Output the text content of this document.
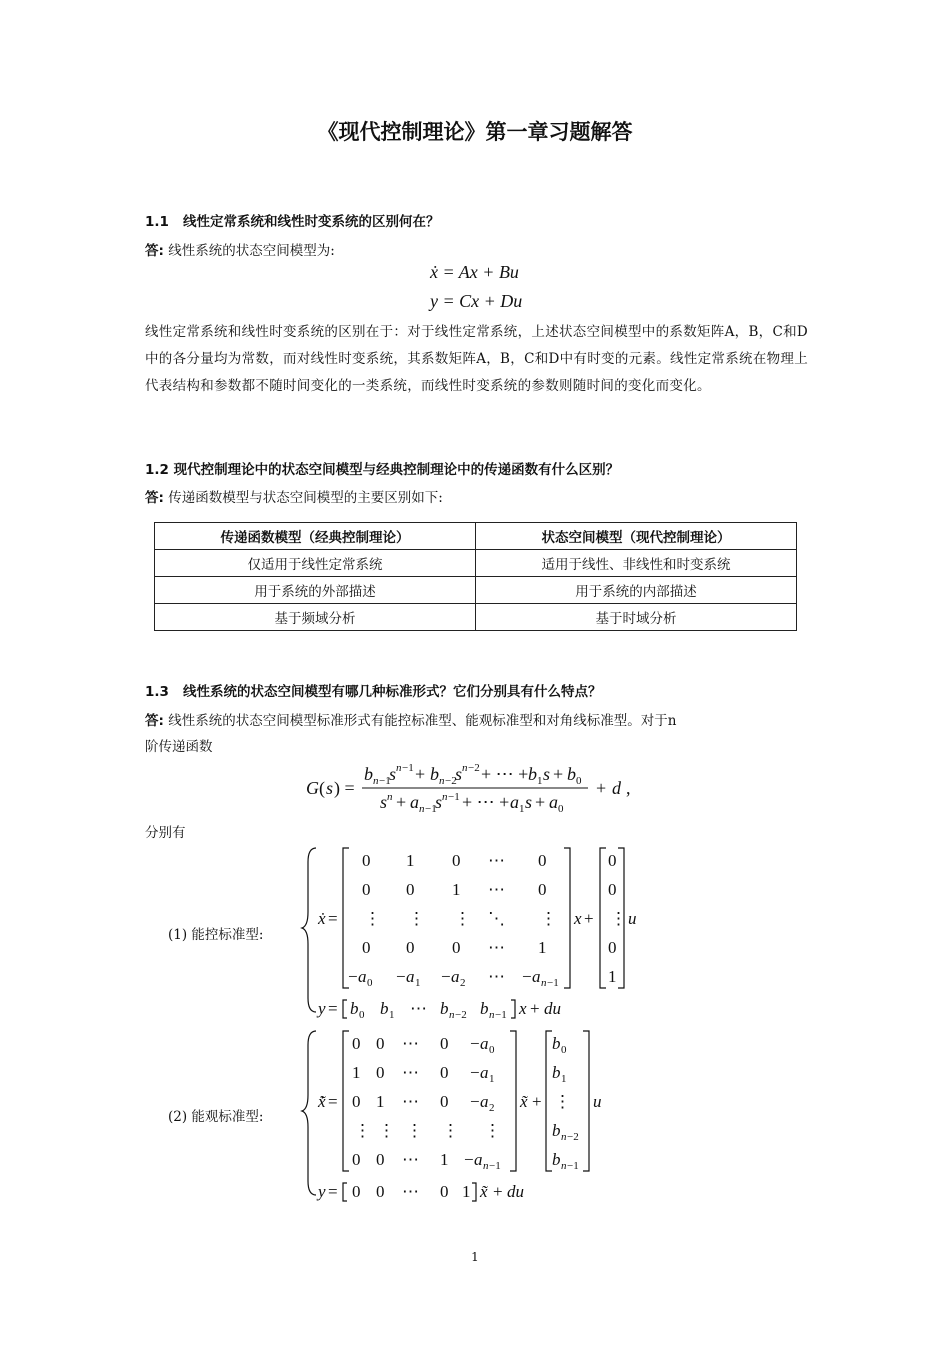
《现代控制理论》第一章习题解答
1.1 线性定常系统和线性时变系统的区别何在？
答: 线性系统的状态空间模型为:
ẋ = Ax + Bu
y = Cx + Du
线性定常系统和线性时变系统的区别在于：对于线性定常系统，上述状态空间模型中的系数矩阵A，B，C和D中的各分量均为常数，而对线性时变系统，其系数矩阵A，B，C和D中有时变的元素。线性定常系统在物理上代表结构和参数都不随时间变化的一类系统，而线性时变系统的参数则随时间的变化而变化。
1.2 现代控制理论中的状态空间模型与经典控制理论中的传递函数有什么区别？
答: 传递函数模型与状态空间模型的主要区别如下:
传递函数模型（经典控制理论）	状态空间模型（现代控制理论）
仅适用于线性定常系统	适用于线性、非线性和时变系统
用于系统的外部描述	用于系统的内部描述
基于频域分析	基于时域分析
1.3 线性系统的状态空间模型有哪几种标准形式？它们分别具有什么特点？
答: 线性系统的状态空间模型标准形式有能控标准型、能观标准型和对角线标准型。对于n
阶传递函数
G ( s ) =
b n −1
s n −1 + b n −2
s n −2 + ⋯ + b 1 s + b 0
s n + a n −1
s n −1 + ⋯ + a 1 s + a 0
+ d ,
分别有
(1) 能控标准型:
ẋ =
0 1 0 ⋯ 0
0 0 1 ⋯ 0
⋮ ⋮ ⋮ ⋱ ⋮
0 0 0 ⋯ 1
− a 0 − a 1 − a 2 ⋯ − a n −1
x +
0
0
⋮
0
1
u
y = b 0 b 1 ⋯ b n −2 b n −1 x + du
(2) 能观标准型:
x̃̇ =
0 0 ⋯ 0 − a 0
1 0 ⋯ 0 − a 1
0 1 ⋯ 0 − a 2
⋮ ⋮ ⋮ ⋮ ⋮
0 0 ⋯ 1 − a n −1
x̃ +
b 0
b 1
⋮
b n −2
b n −1
u
y = 0 0 ⋯ 0 1 x̃ + du
1
